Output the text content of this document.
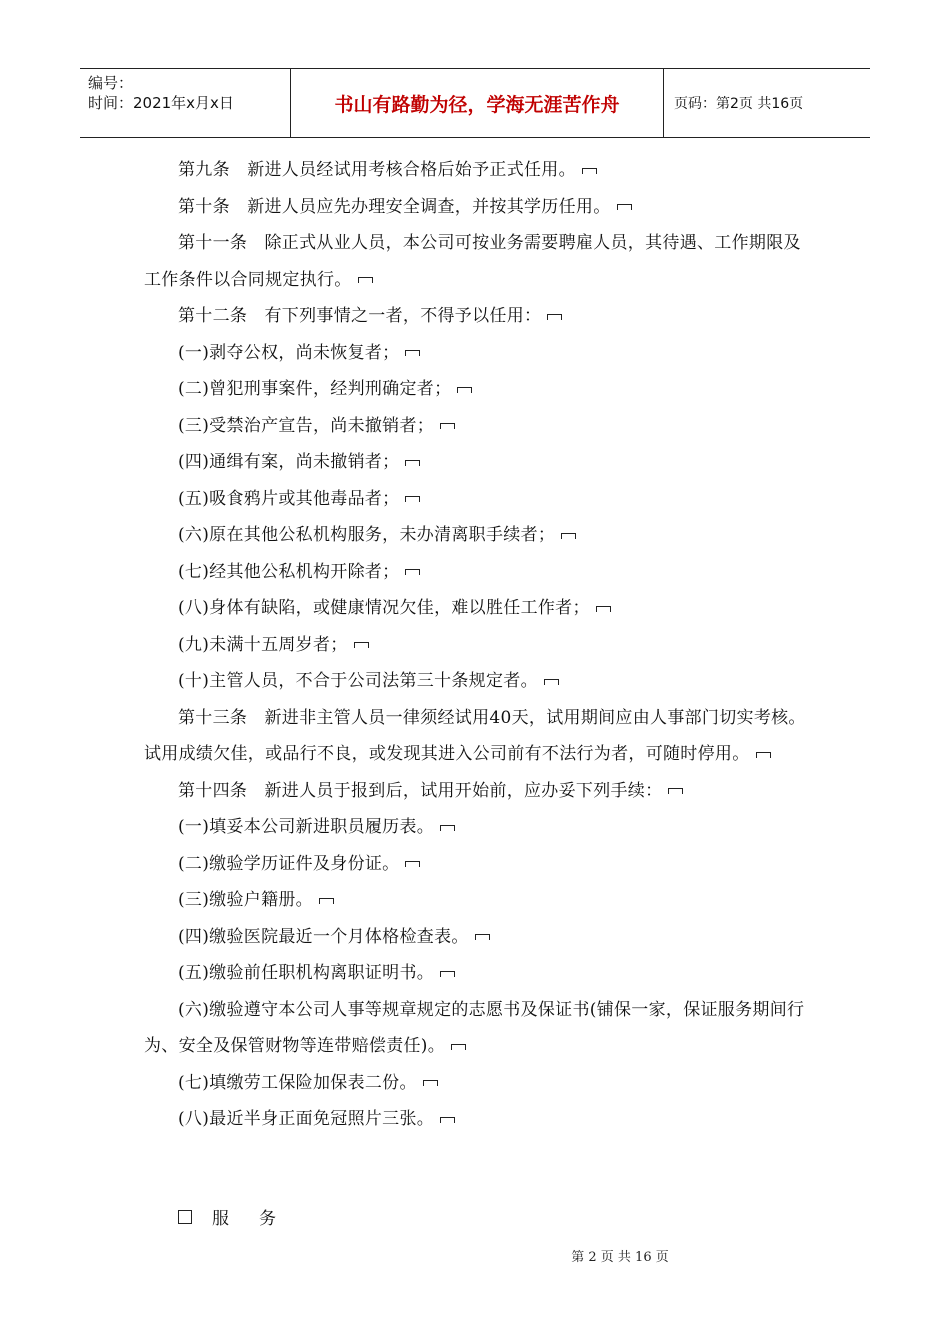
编号：
时间：2021年x月x日	书山有路勤为径，学海无涯苦作舟	页码：第2页 共16页

第九条　新进人员经试用考核合格后始予正式任用。

第十条　新进人员应先办理安全调查，并按其学历任用。

第十一条　除正式从业人员，本公司可按业务需要聘雇人员，其待遇、工作期限及工作条件以合同规定执行。

第十二条　有下列事情之一者，不得予以任用：

(一)剥夺公权，尚未恢复者；

(二)曾犯刑事案件，经判刑确定者；

(三)受禁治产宣告，尚未撤销者；

(四)通缉有案，尚未撤销者；

(五)吸食鸦片或其他毒品者；

(六)原在其他公私机构服务，未办清离职手续者；

(七)经其他公私机构开除者；

(八)身体有缺陷，或健康情况欠佳，难以胜任工作者；

(九)未满十五周岁者；

(十)主管人员，不合于公司法第三十条规定者。

第十三条　新进非主管人员一律须经试用40天，试用期间应由人事部门切实考核。试用成绩欠佳，或品行不良，或发现其进入公司前有不法行为者，可随时停用。

第十四条　新进人员于报到后，试用开始前，应办妥下列手续：

(一)填妥本公司新进职员履历表。

(二)缴验学历证件及身份证。

(三)缴验户籍册。

(四)缴验医院最近一个月体格检查表。

(五)缴验前任职机构离职证明书。

(六)缴验遵守本公司人事等规章规定的志愿书及保证书(铺保一家，保证服务期间行为、安全及保管财物等连带赔偿责任)。

(七)填缴劳工保险加保表二份。

(八)最近半身正面免冠照片三张。

服务
第 2 页 共 16 页
